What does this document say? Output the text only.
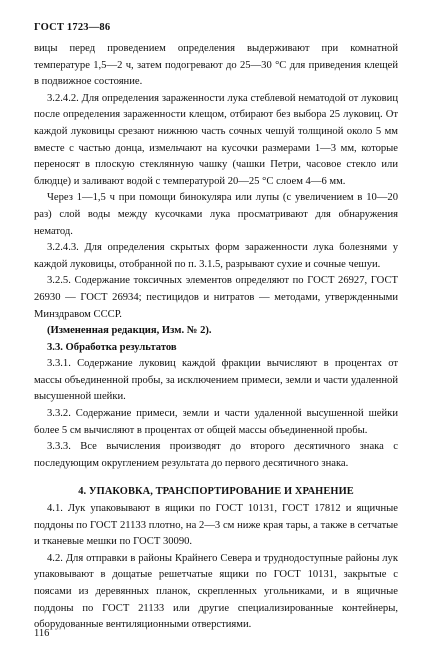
ГОСТ 1723—86

вицы перед проведением определения выдерживают при комнатной температуре 1,5—2 ч, затем подогревают до 25—30 °С для приведения клещей в подвижное состояние.

3.2.4.2. Для определения зараженности лука стеблевой нематодой от луковиц после определения зараженности клещом, отбирают без выбора 25 луковиц. От каждой луковицы срезают нижнюю часть сочных чешуй толщиной около 5 мм вместе с частью донца, измельчают на кусочки размерами 1—3 мм, которые переносят в плоскую стеклянную чашку (чашки Петри, часовое стекло или блюдце) и заливают водой с температурой 20—25 °С слоем 4—6 мм.

Через 1—1,5 ч при помощи бинокуляра или лупы (с увеличением в 10—20 раз) слой воды между кусочками лука просматривают для обнаружения нематод.

3.2.4.3. Для определения скрытых форм зараженности лука болезнями у каждой луковицы, отобранной по п. 3.1.5, разрывают сухие и сочные чешуи.

3.2.5. Содержание токсичных элементов определяют по ГОСТ 26927, ГОСТ 26930 — ГОСТ 26934; пестицидов и нитратов — методами, утвержденными Минздравом СССР.

(Измененная редакция, Изм. № 2).

3.3. Обработка результатов

3.3.1. Содержание луковиц каждой фракции вычисляют в процентах от массы объединенной пробы, за исключением примеси, земли и части удаленной высушенной шейки.

3.3.2. Содержание примеси, земли и части удаленной высушенной шейки более 5 см вычисляют в процентах от общей массы объединенной пробы.

3.3.3. Все вычисления производят до второго десятичного знака с последующим округлением результата до первого десятичного знака.

4. УПАКОВКА, ТРАНСПОРТИРОВАНИЕ И ХРАНЕНИЕ

4.1. Лук упаковывают в ящики по ГОСТ 10131, ГОСТ 17812 и ящичные поддоны по ГОСТ 21133 плотно, на 2—3 см ниже края тары, а также в сетчатые и тканевые мешки по ГОСТ 30090.

4.2. Для отправки в районы Крайнего Севера и труднодоступные районы лук упаковывают в дощатые решетчатые ящики по ГОСТ 10131, закрытые с поясами из деревянных планок, скрепленных угольниками, и в ящичные поддоны по ГОСТ 21133 или другие специализированные контейнеры, оборудованные вентиляционными отверстиями.

116
